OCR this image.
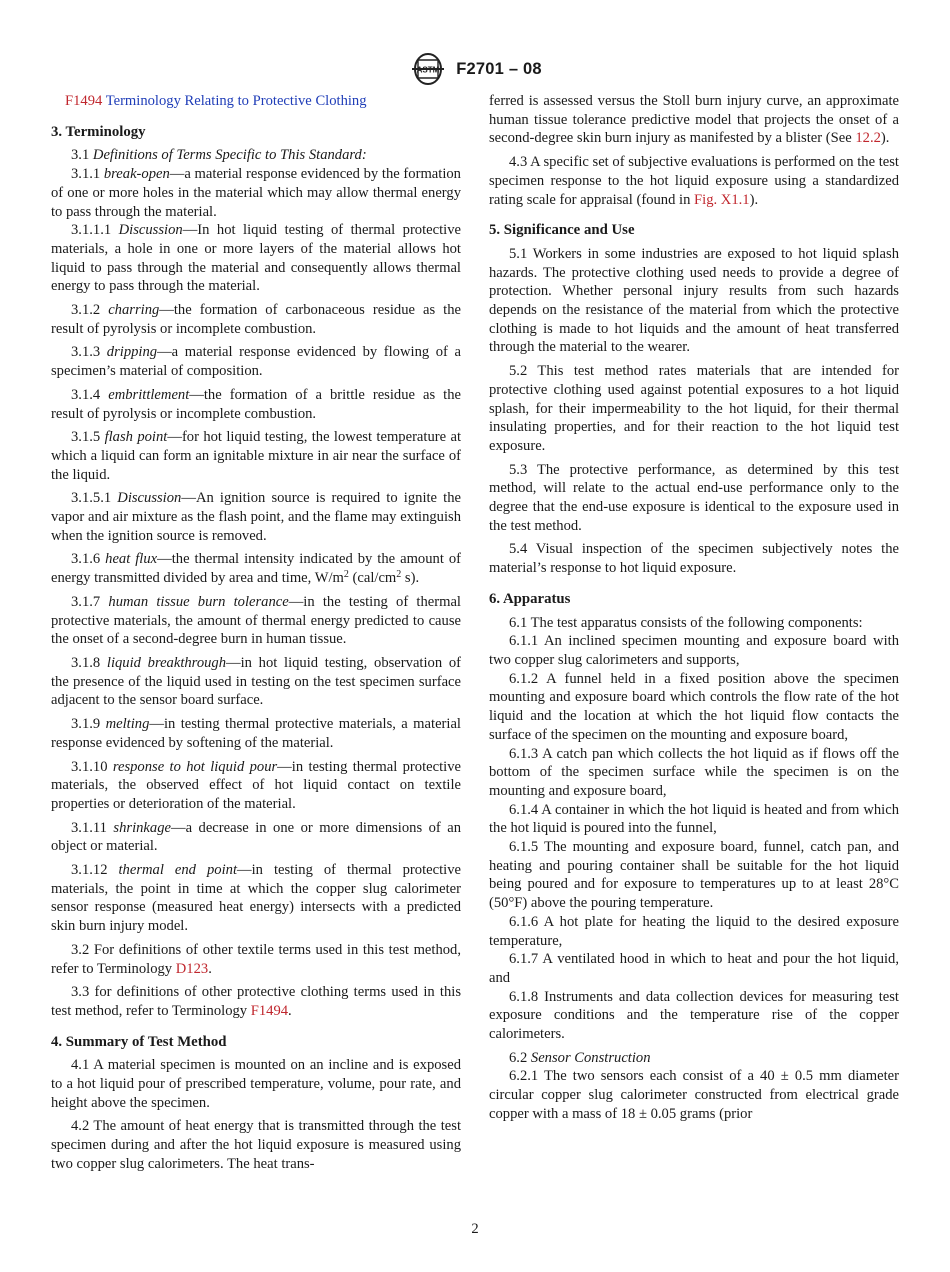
ASTM F2701 – 08

F1494 Terminology Relating to Protective Clothing

3. Terminology

3.1 Definitions of Terms Specific to This Standard:

3.1.1 break-open—a material response evidenced by the formation of one or more holes in the material which may allow thermal energy to pass through the material.

3.1.1.1 Discussion—In hot liquid testing of thermal protective materials, a hole in one or more layers of the material allows hot liquid to pass through the material and consequently allows thermal energy to pass through the material.

3.1.2 charring—the formation of carbonaceous residue as the result of pyrolysis or incomplete combustion.

3.1.3 dripping—a material response evidenced by flowing of a specimen’s material of composition.

3.1.4 embrittlement—the formation of a brittle residue as the result of pyrolysis or incomplete combustion.

3.1.5 flash point—for hot liquid testing, the lowest temperature at which a liquid can form an ignitable mixture in air near the surface of the liquid.

3.1.5.1 Discussion—An ignition source is required to ignite the vapor and air mixture as the flash point, and the flame may extinguish when the ignition source is removed.

3.1.6 heat flux—the thermal intensity indicated by the amount of energy transmitted divided by area and time, $W/m^2$ ($cal/cm^2$ s).

3.1.7 human tissue burn tolerance—in the testing of thermal protective materials, the amount of thermal energy predicted to cause the onset of a second-degree burn in human tissue.

3.1.8 liquid breakthrough—in hot liquid testing, observation of the presence of the liquid used in testing on the test specimen surface adjacent to the sensor board surface.

3.1.9 melting—in testing thermal protective materials, a material response evidenced by softening of the material.

3.1.10 response to hot liquid pour—in testing thermal protective materials, the observed effect of hot liquid contact on textile properties or deterioration of the material.

3.1.11 shrinkage—a decrease in one or more dimensions of an object or material.

3.1.12 thermal end point—in testing of thermal protective materials, the point in time at which the copper slug calorimeter sensor response (measured heat energy) intersects with a predicted skin burn injury model.

3.2 For definitions of other textile terms used in this test method, refer to Terminology D123.

3.3 for definitions of other protective clothing terms used in this test method, refer to Terminology F1494.

4. Summary of Test Method

4.1 A material specimen is mounted on an incline and is exposed to a hot liquid pour of prescribed temperature, volume, pour rate, and height above the specimen.

4.2 The amount of heat energy that is transmitted through the test specimen during and after the hot liquid exposure is measured using two copper slug calorimeters. The heat trans-

ferred is assessed versus the Stoll burn injury curve, an approximate human tissue tolerance predictive model that projects the onset of a second-degree skin burn injury as manifested by a blister (See 12.2).

4.3 A specific set of subjective evaluations is performed on the test specimen response to the hot liquid exposure using a standardized rating scale for appraisal (found in Fig. X1.1).

5. Significance and Use

5.1 Workers in some industries are exposed to hot liquid splash hazards. The protective clothing used needs to provide a degree of protection. Whether personal injury results from such hazards depends on the resistance of the material from which the protective clothing is made to hot liquids and the amount of heat transferred through the material to the wearer.

5.2 This test method rates materials that are intended for protective clothing used against potential exposures to a hot liquid splash, for their impermeability to the hot liquid, for their thermal insulating properties, and for their reaction to the hot liquid test exposure.

5.3 The protective performance, as determined by this test method, will relate to the actual end-use performance only to the degree that the end-use exposure is identical to the exposure used in the test method.

5.4 Visual inspection of the specimen subjectively notes the material’s response to hot liquid exposure.

6. Apparatus

6.1 The test apparatus consists of the following components:

6.1.1 An inclined specimen mounting and exposure board with two copper slug calorimeters and supports,

6.1.2 A funnel held in a fixed position above the specimen mounting and exposure board which controls the flow rate of the hot liquid and the location at which the hot liquid flow contacts the surface of the specimen on the mounting and exposure board,

6.1.3 A catch pan which collects the hot liquid as if flows off the bottom of the specimen surface while the specimen is on the mounting and exposure board,

6.1.4 A container in which the hot liquid is heated and from which the hot liquid is poured into the funnel,

6.1.5 The mounting and exposure board, funnel, catch pan, and heating and pouring container shall be suitable for the hot liquid being poured and for exposure to temperatures up to at least 28°C (50°F) above the pouring temperature.

6.1.6 A hot plate for heating the liquid to the desired exposure temperature,

6.1.7 A ventilated hood in which to heat and pour the hot liquid, and

6.1.8 Instruments and data collection devices for measuring test exposure conditions and the temperature rise of the copper calorimeters.

6.2 Sensor Construction

6.2.1 The two sensors each consist of a 40 ± 0.5 mm diameter circular copper slug calorimeter constructed from electrical grade copper with a mass of 18 ± 0.05 grams (prior

2
